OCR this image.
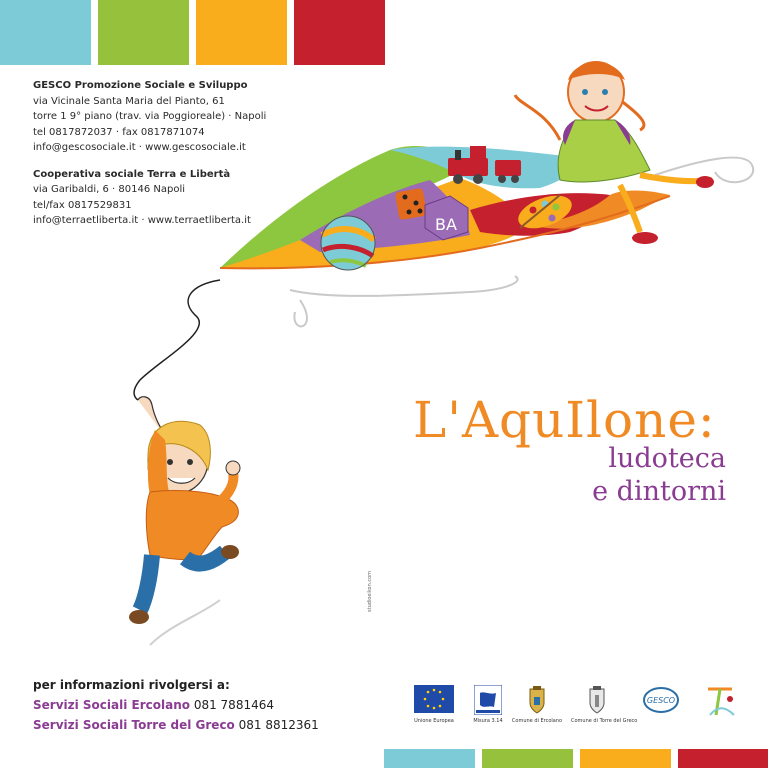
GESCO Promozione Sociale e Sviluppo
via Vicinale Santa Maria del Pianto, 61
torre 1 9° piano (trav. via Poggioreale) · Napoli
tel 0817872037 · fax 0817871074
info@gescosociale.it · www.gescosociale.it
Cooperativa sociale Terra e Libertà
via Garibaldi, 6 · 80146 Napoli
tel/fax 0817529831
info@terraetliberta.it · www.terraetliberta.it	BA
L'AquIlone:
ludoteca
e dintorni
studioeikon.com
per informazioni rivolgersi a:
Servizi Sociali Ercolano 081 7881464
Servizi Sociali Torre del Greco 081 8812361	Unione Europea	Misura 3.14	Comune di Ercolano Comune di Torre del Greco
GESCO
